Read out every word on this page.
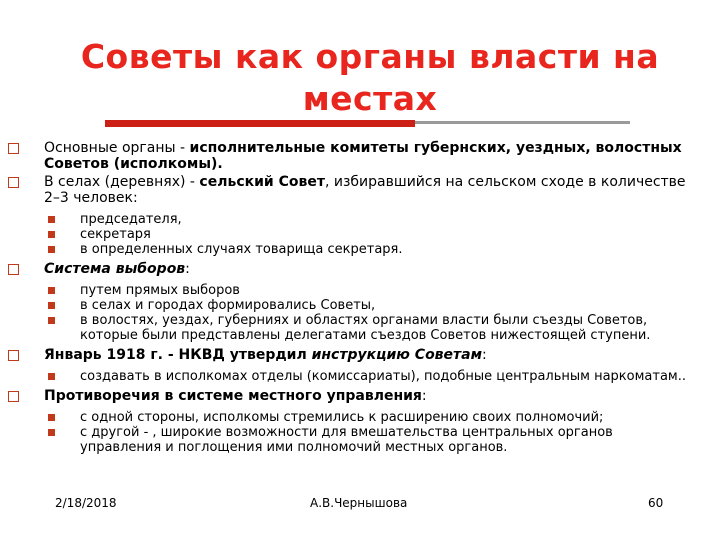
Советы как органы власти на местах
Основные органы - исполнительные комитеты губернских, уездных, волостных Советов (исполкомы).
В селах (деревнях) - сельский Совет, избиравшийся на сельском сходе в количестве 2–3 человек:
председателя,
секретаря
в определенных случаях товарища секретаря.
Система выборов:
путем прямых выборов
в селах и городах формировались Советы,
в волостях, уездах, губерниях и областях органами власти были съезды Советов, которые были представлены делегатами съездов Советов нижестоящей ступени.
Январь 1918 г. - НКВД утвердил инструкцию Советам:
создавать в исполкомах отделы (комиссариаты), подобные центральным наркоматам..
Противоречия в системе местного управления:
с одной стороны, исполкомы стремились к расширению своих полномочий;
с другой - , широкие возможности для вмешательства центральных органов управления и поглощения ими полномочий местных органов.
2/18/2018	А.В.Чернышова	60
